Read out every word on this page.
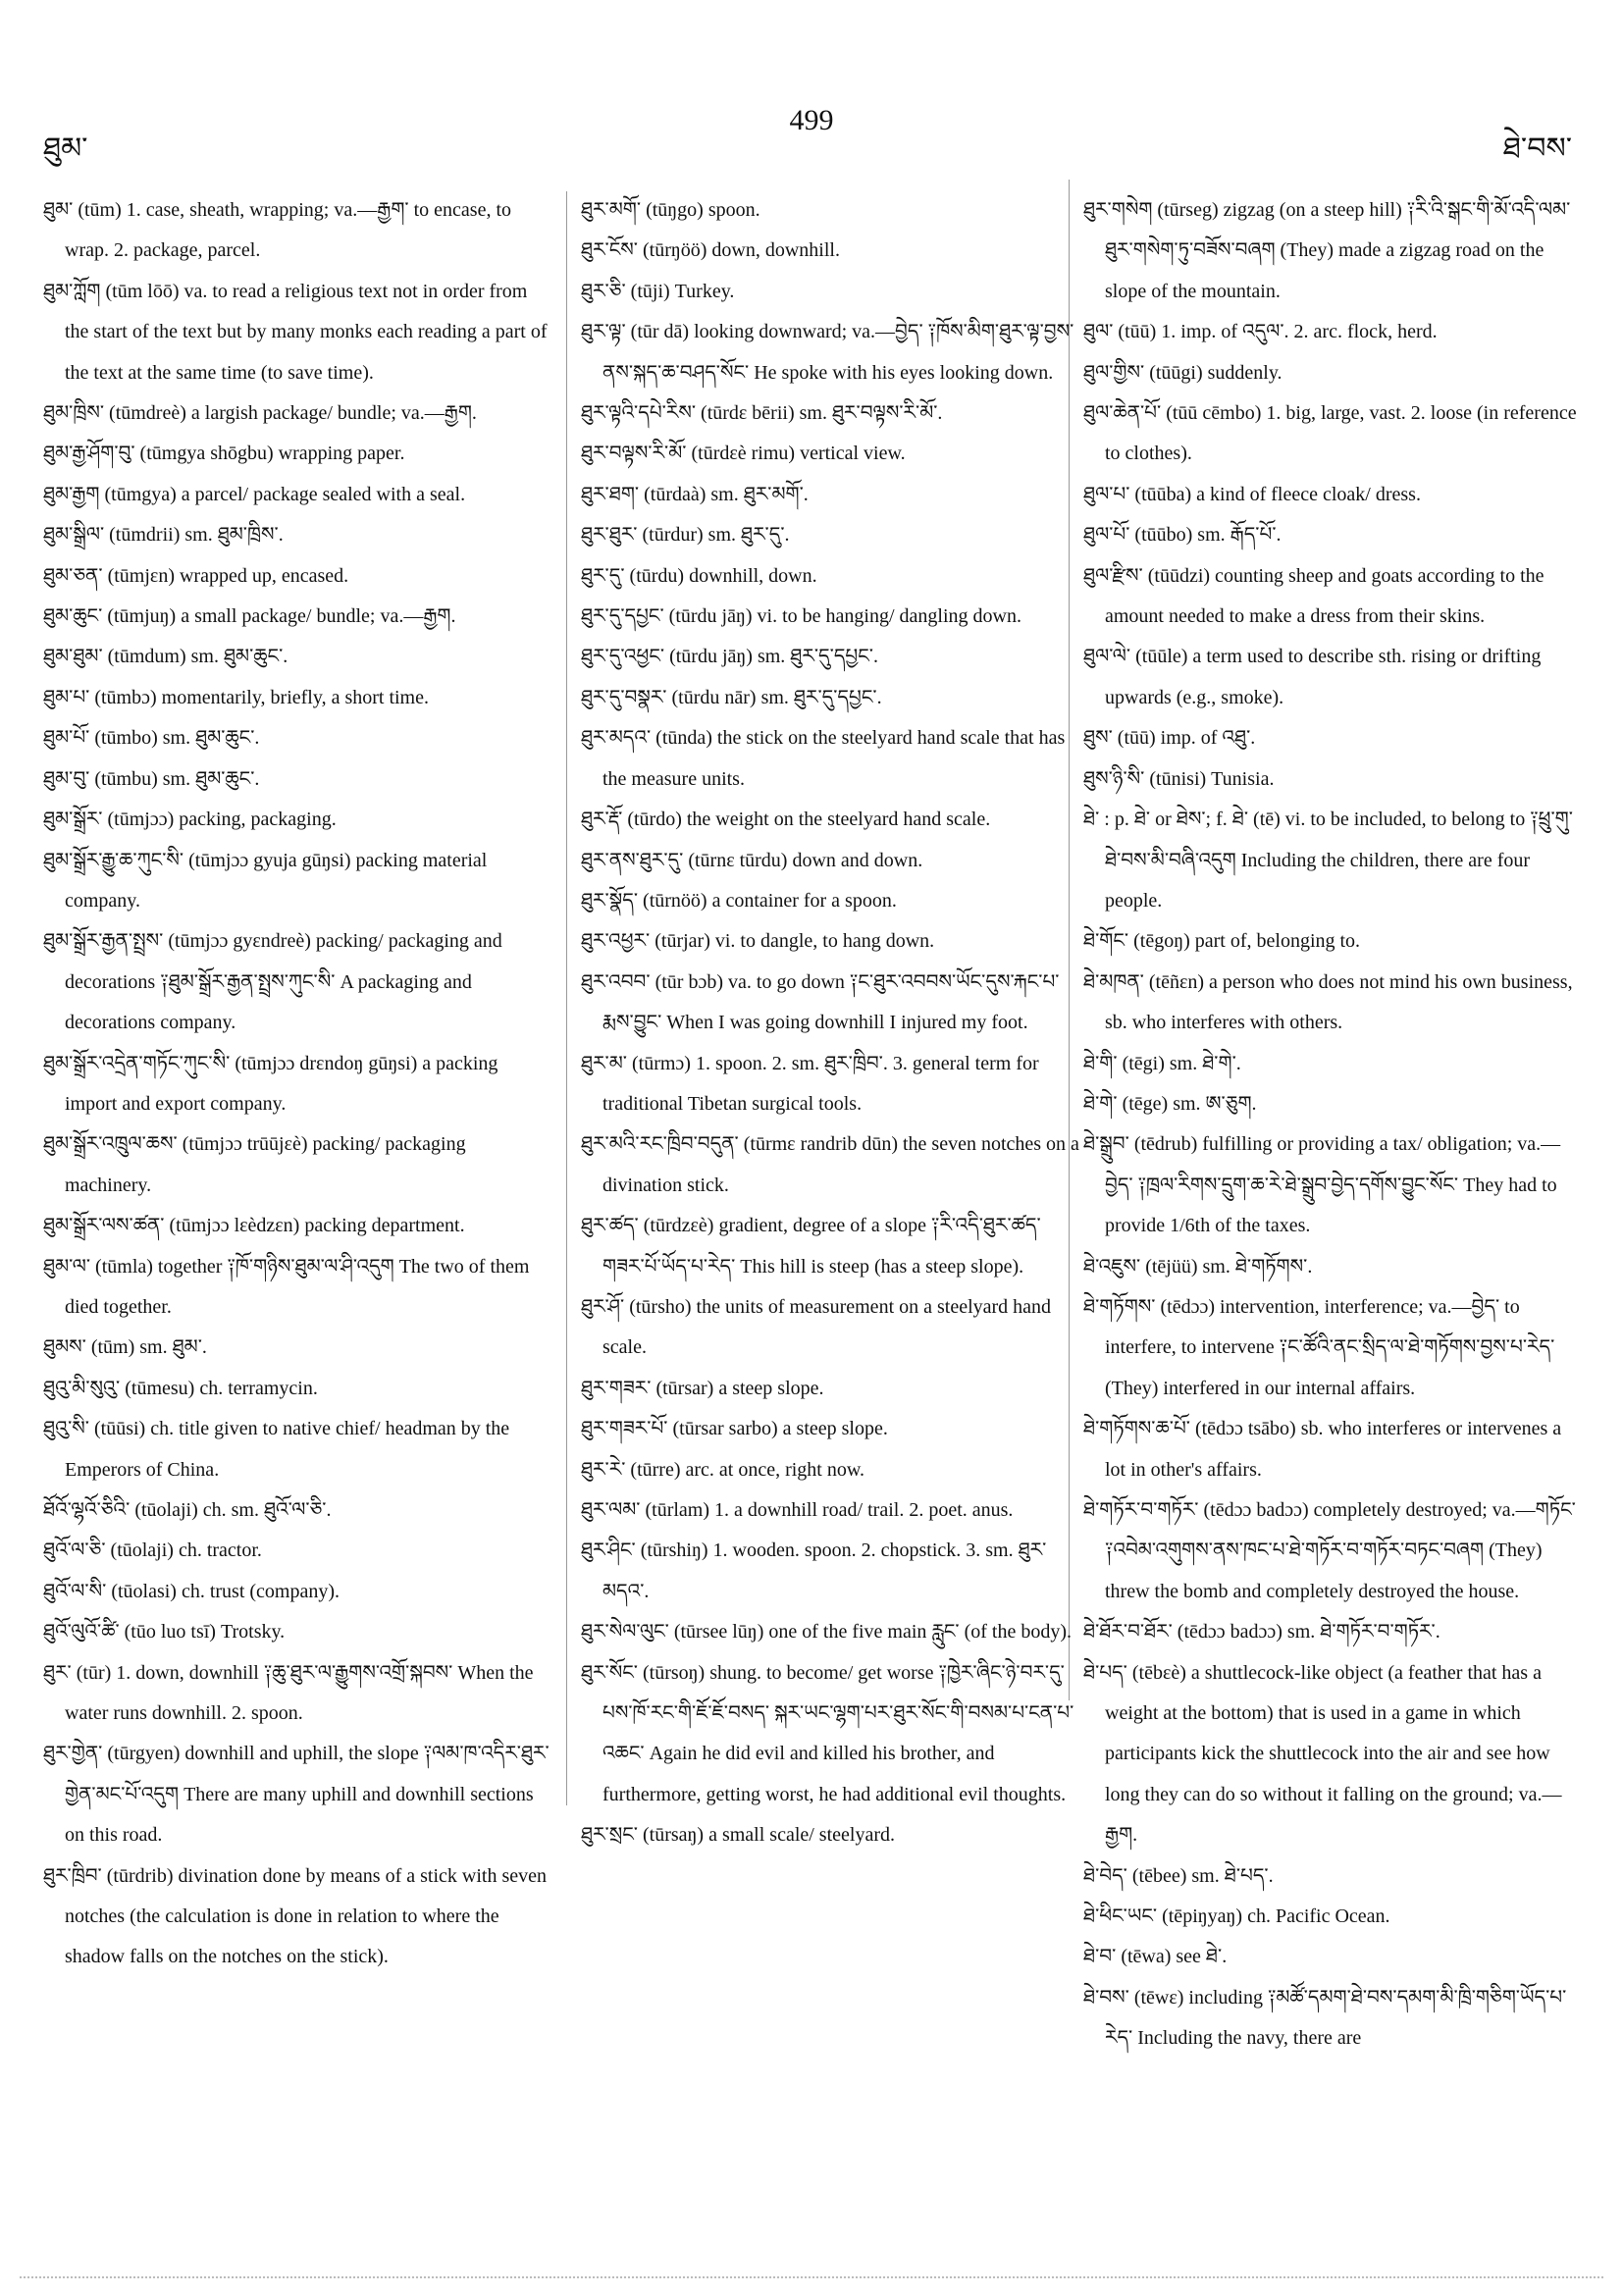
ཐུམ་
499
ཐེ་བས་

ཐུམ་ (tūm) 1. case, sheath, wrapping; va.—རྒྱག་ to encase, to wrap. 2. package, parcel.

ཐུམ་ཀློག (tūm lōō) va. to read a religious text not in order from the start of the text but by many monks each reading a part of the text at the same time (to save time).

ཐུམ་ཁྲིས་ (tūmdreè) a largish package/ bundle; va.—རྒྱག.

ཐུམ་རྒྱ་ཤོག་བུ་ (tūmgya shōgbu) wrapping paper.

ཐུམ་རྒྱག (tūmgya) a parcel/ package sealed with a seal.

ཐུམ་སྒྲིལ་ (tūmdrii) sm. ཐུམ་ཁྲིས་.

ཐུམ་ཅན་ (tūmjɛn) wrapped up, encased.

ཐུམ་ཆུང་ (tūmjuŋ) a small package/ bundle; va.—རྒྱག.

ཐུམ་ཐུམ་ (tūmdum) sm. ཐུམ་ཆུང་.

ཐུམ་པ་ (tūmbɔ) momentarily, briefly, a short time.

ཐུམ་པོ་ (tūmbo) sm. ཐུམ་ཆུང་.

ཐུམ་བུ་ (tūmbu) sm. ཐུམ་ཆུང་.

ཐུམ་སྒྲོར་ (tūmjɔɔ) packing, packaging.

ཐུམ་སྒྲོར་རྒྱུ་ཆ་ཀུང་སི་ (tūmjɔɔ gyuja gūŋsi) packing material company.

ཐུམ་སྒྲོར་རྒྱན་སྤྲས་ (tūmjɔɔ gyɛndreè) packing/ packaging and decorations ༑ཐུམ་སྒྲོར་རྒྱན་སྤྲས་ཀུང་སི་ A packaging and decorations company.

ཐུམ་སྒྲོར་འདྲེན་གཏོང་ཀུང་སི་ (tūmjɔɔ drɛndoŋ gūŋsi) a packing import and export company.

ཐུམ་སྒྲོར་འཁྲུལ་ཆས་ (tūmjɔɔ trūūjɛè) packing/ packaging machinery.

ཐུམ་སྒྲོར་ལས་ཚན་ (tūmjɔɔ lɛèdzɛn) packing department.

ཐུམ་ལ་ (tūmla) together ༑ཁོ་གཉིས་ཐུམ་ལ་ཤི་འདུག The two of them died together.

ཐུམས་ (tūm) sm. ཐུམ་.

ཐུའུ་མི་སུའུ་ (tūmesu) ch. terramycin.

ཐུའུ་སི་ (tūūsi) ch. title given to native chief/ headman by the Emperors of China.

ཐོའོ་ལྷའོ་ཅིའི་ (tūolaji) ch. sm. ཐུའོ་ལ་ཅི་.

ཐུའོ་ལ་ཅི་ (tūolaji) ch. tractor.

ཐུའོ་ལ་སི་ (tūolasi) ch. trust (company).

ཐུའོ་ལུའོ་ཚི་ (tūo luo tsī) Trotsky.

ཐུར་ (tūr) 1. down, downhill ༑ཆུ་ཐུར་ལ་རྒྱུགས་འགྲོ་སྐབས་ When the water runs downhill. 2. spoon.

ཐུར་གྱེན་ (tūrgyen) downhill and uphill, the slope ༑ལམ་ཁ་འདིར་ཐུར་གྱེན་མང་པོ་འདུག There are many uphill and downhill sections on this road.

ཐུར་ཁྲིབ་ (tūrdrib) divination done by means of a stick with seven notches (the calculation is done in relation to where the shadow falls on the notches on the stick).

ཐུར་མགོ་ (tūŋgo) spoon.

ཐུར་ངོས་ (tūrŋöö) down, downhill.

ཐུར་ཅི་ (tūji) Turkey.

ཐུར་ལྟ་ (tūr dā) looking downward; va.—བྱེད་ ༑ཁོས་མིག་ཐུར་ལྟ་བྱས་ནས་སྐད་ཆ་བཤད་སོང་ He spoke with his eyes looking down.

ཐུར་ལྟའི་དཔེ་རིས་ (tūrdɛ bērii) sm. ཐུར་བལྟས་རི་མོ་.

ཐུར་བལྟས་རི་མོ་ (tūrdɛè rimu) vertical view.

ཐུར་ཐག་ (tūrdaà) sm. ཐུར་མགོ་.

ཐུར་ཐུར་ (tūrdur) sm. ཐུར་དུ་.

ཐུར་དུ་ (tūrdu) downhill, down.

ཐུར་དུ་དཔྱང་ (tūrdu jāŋ) vi. to be hanging/ dangling down.

ཐུར་དུ་འཕྱང་ (tūrdu jāŋ) sm. ཐུར་དུ་དཔྱང་.

ཐུར་དུ་བསྣར་ (tūrdu nār) sm. ཐུར་དུ་དཔྱང་.

ཐུར་མདའ་ (tūnda) the stick on the steelyard hand scale that has the measure units.

ཐུར་རྡོ་ (tūrdo) the weight on the steelyard hand scale.

ཐུར་ནས་ཐུར་དུ་ (tūrnɛ tūrdu) down and down.

ཐུར་སྣོད་ (tūrnöö) a container for a spoon.

ཐུར་འཕྱར་ (tūrjar) vi. to dangle, to hang down.

ཐུར་འབབ་ (tūr bɔb) va. to go down ༑ང་ཐུར་འབབས་ཡོང་དུས་རྐང་པ་ རྨས་བྱུང་ When I was going downhill I injured my foot.

ཐུར་མ་ (tūrmɔ) 1. spoon. 2. sm. ཐུར་ཁྲིབ་. 3. general term for traditional Tibetan surgical tools.

ཐུར་མའི་རང་ཁྲིབ་བདུན་ (tūrmɛ randrib dūn) the seven notches on a divination stick.

ཐུར་ཚད་ (tūrdzɛè) gradient, degree of a slope ༑རི་འདི་ཐུར་ཚད་གཟར་པོ་ཡོད་པ་རེད་ This hill is steep (has a steep slope).

ཐུར་ཤོ་ (tūrsho) the units of measurement on a steelyard hand scale.

ཐུར་གཟར་ (tūrsar) a steep slope.

ཐུར་གཟར་པོ་ (tūrsar sarbo) a steep slope.

ཐུར་རེ་ (tūrre) arc. at once, right now.

ཐུར་ལམ་ (tūrlam) 1. a downhill road/ trail. 2. poet. anus.

ཐུར་ཤིང་ (tūrshiŋ) 1. wooden. spoon. 2. chopstick. 3. sm. ཐུར་མདའ་.

ཐུར་སེལ་ལུང་ (tūrsee lūŋ) one of the five main རླུང་ (of the body).

ཐུར་སོང་ (tūrsoŋ) shung. to become/ get worse ༑ཁྱེར་ཞིང་ཉེ་བར་དུ་པས་ཁོ་རང་གི་ཇོ་ཇོ་བསད་ སྐར་ཡང་ལྷག་པར་ཐུར་སོང་གི་བསམ་པ་ངན་པ་འཆང་ Again he did evil and killed his brother, and furthermore, getting worst, he had additional evil thoughts.

ཐུར་སྲང་ (tūrsaŋ) a small scale/ steelyard.

ཐུར་གསེག (tūrseg) zigzag (on a steep hill) ༑རི་འི་སྒང་གི་མོ་འདི་ལམ་ཐུར་གསེག་ཏུ་བཟོས་བཞག (They) made a zigzag road on the slope of the mountain.

ཐུལ་ (tūū) 1. imp. of འདུལ་. 2. arc. flock, herd.

ཐུལ་གྱིས་ (tūūgi) suddenly.

ཐུལ་ཆེན་པོ་ (tūū cēmbo) 1. big, large, vast. 2. loose (in reference to clothes).

ཐུལ་པ་ (tūūba) a kind of fleece cloak/ dress.

ཐུལ་པོ་ (tūūbo) sm. རྒོད་པོ་.

ཐུལ་རྫིས་ (tūūdzi) counting sheep and goats according to the amount needed to make a dress from their skins.

ཐུལ་ལེ་ (tūūle) a term used to describe sth. rising or drifting upwards (e.g., smoke).

ཐུས་ (tūū) imp. of འཐུ་.

ཐུས་ཉི་སི་ (tūnisi) Tunisia.

ཐེ་ : p. ཐེ་ or ཐེས་; f. ཐེ་ (tē) vi. to be included, to belong to ༑ཕྲུ་གུ་ཐེ་བས་མི་བཞི་འདུག Including the children, there are four people.

ཐེ་གོང་ (tēgoŋ) part of, belonging to.

ཐེ་མཁན་ (tēñɛn) a person who does not mind his own business, sb. who interferes with others.

ཐེ་གི་ (tēgi) sm. ཐེ་གེ་.

ཐེ་གེ་ (tēge) sm. ཨ་ཅུག.

ཐེ་སྒྲུབ་ (tēdrub) fulfilling or providing a tax/ obligation; va.—བྱེད་ ༑ཁྲལ་རིགས་དྲུག་ཆ་རེ་ཐེ་སྒྲུབ་བྱེད་དགོས་བྱུང་སོང་ They had to provide 1/6th of the taxes.

ཐེ་འཇུས་ (tējüü) sm. ཐེ་གཏོགས་.

ཐེ་གཏོགས་ (tēdɔɔ) intervention, interference; va.—བྱེད་ to interfere, to intervene ༑ང་ཚོའི་ནང་སྲིད་ལ་ཐེ་གཏོགས་བྱས་པ་རེད་ (They) interfered in our internal affairs.

ཐེ་གཏོགས་ཆ་པོ་ (tēdɔɔ tsābo) sb. who interferes or intervenes a lot in other's affairs.

ཐེ་གཏོར་བ་གཏོར་ (tēdɔɔ badɔɔ) completely destroyed; va.—གཏོང་ ༑འབེམ་འགུགས་ནས་ཁང་པ་ཐེ་གཏོར་བ་གཏོར་བཏང་བཞག (They) threw the bomb and completely destroyed the house.

ཐེ་ཐོར་བ་ཐོར་ (tēdɔɔ badɔɔ) sm. ཐེ་གཏོར་བ་གཏོར་.

ཐེ་པད་ (tēbɛè) a shuttlecock-like object (a feather that has a weight at the bottom) that is used in a game in which participants kick the shuttlecock into the air and see how long they can do so without it falling on the ground; va.—རྒྱག.

ཐེ་བེད་ (tēbee) sm. ཐེ་པད་.

ཐེ་ཕིང་ཡང་ (tēpiŋyaŋ) ch. Pacific Ocean.

ཐེ་བ་ (tēwa) see ཐེ་.

ཐེ་བས་ (tēwɛ) including ༑མཚོ་དམག་ཐེ་བས་དམག་མི་ཁྲི་གཅིག་ཡོད་པ་རེད་ Including the navy, there are
